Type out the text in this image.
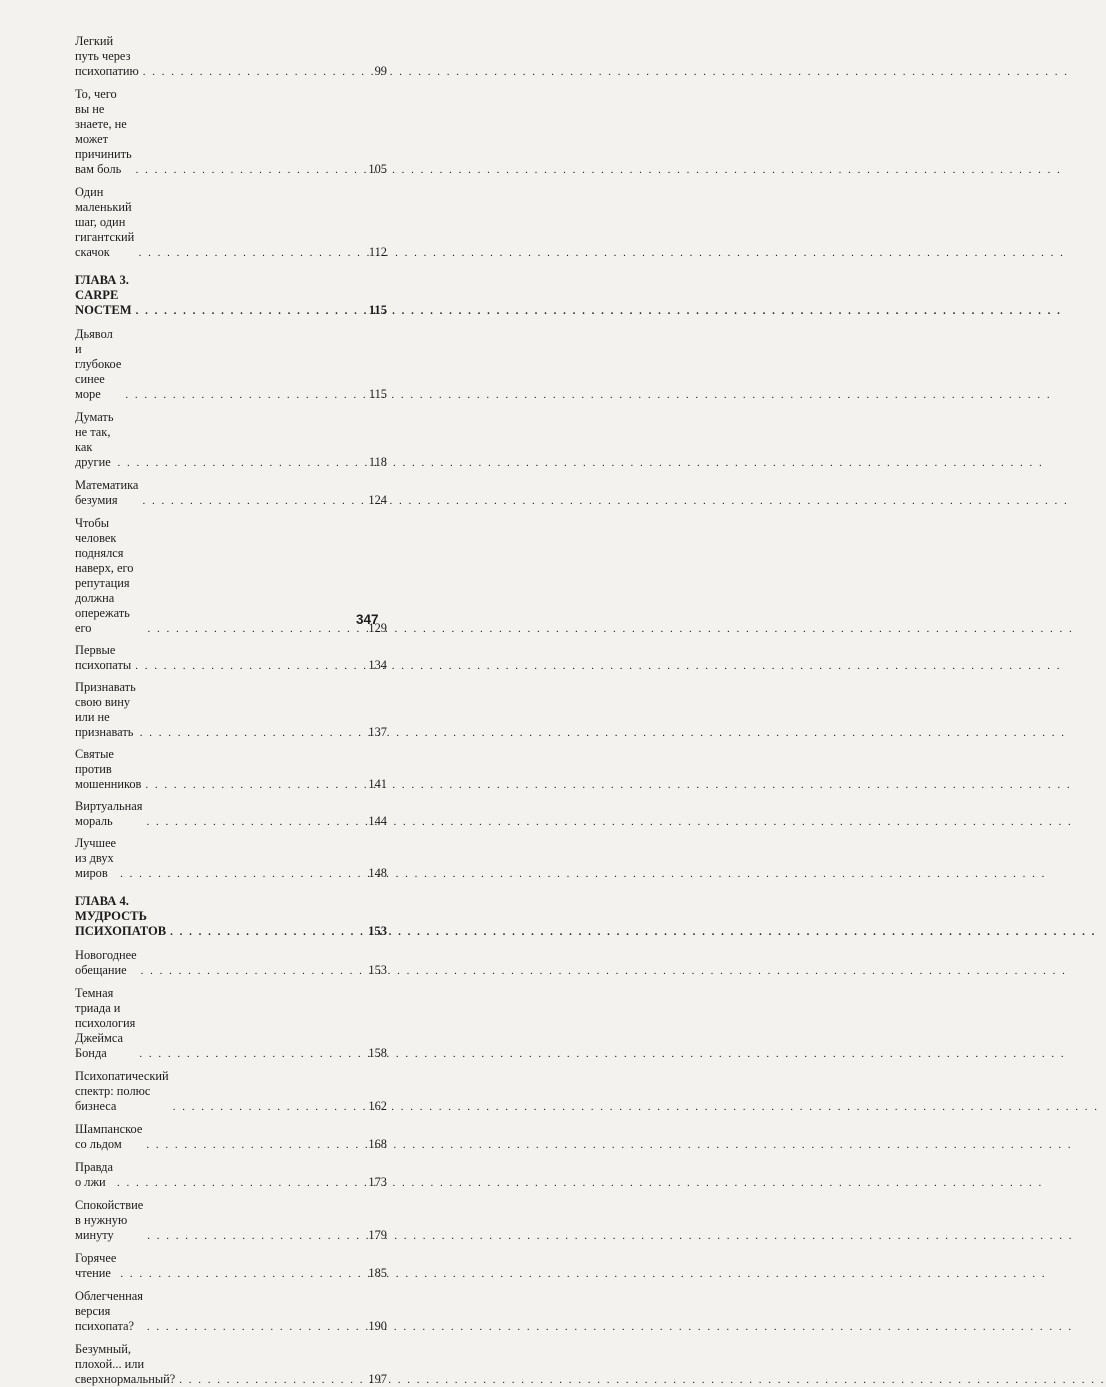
Легкий путь через психопатию . . .	99
То, чего вы не знаете, не может причинить вам боль . . .	105
Один маленький шаг, один гигантский скачок . . .	112
ГЛАВА 3. CARPE NOCTEM . . .	115
Дьявол и глубокое синее море . . .	115
Думать не так, как другие . . .	118
Математика безумия . . .	124
Чтобы человек поднялся наверх, его репутация должна опережать его . . .	129
Первые психопаты . . .	134
Признавать свою вину или не признавать . . .	137
Святые против мошенников . . .	141
Виртуальная мораль . . .	144
Лучшее из двух миров . . .	148
ГЛАВА 4. МУДРОСТЬ ПСИХОПАТОВ . . .	153
Новогоднее обещание . . .	153
Темная триада и психология Джеймса Бонда . . .	158
Психопатический спектр: полюс бизнеса . . .	162
Шампанское со льдом . . .	168
Правда о лжи . . .	173
Спокойствие в нужную минуту . . .	179
Горячее чтение . . .	185
Облегченная версия психопата? . . .	190
Безумный, плохой... или сверхнормальный? . . .	197
347
